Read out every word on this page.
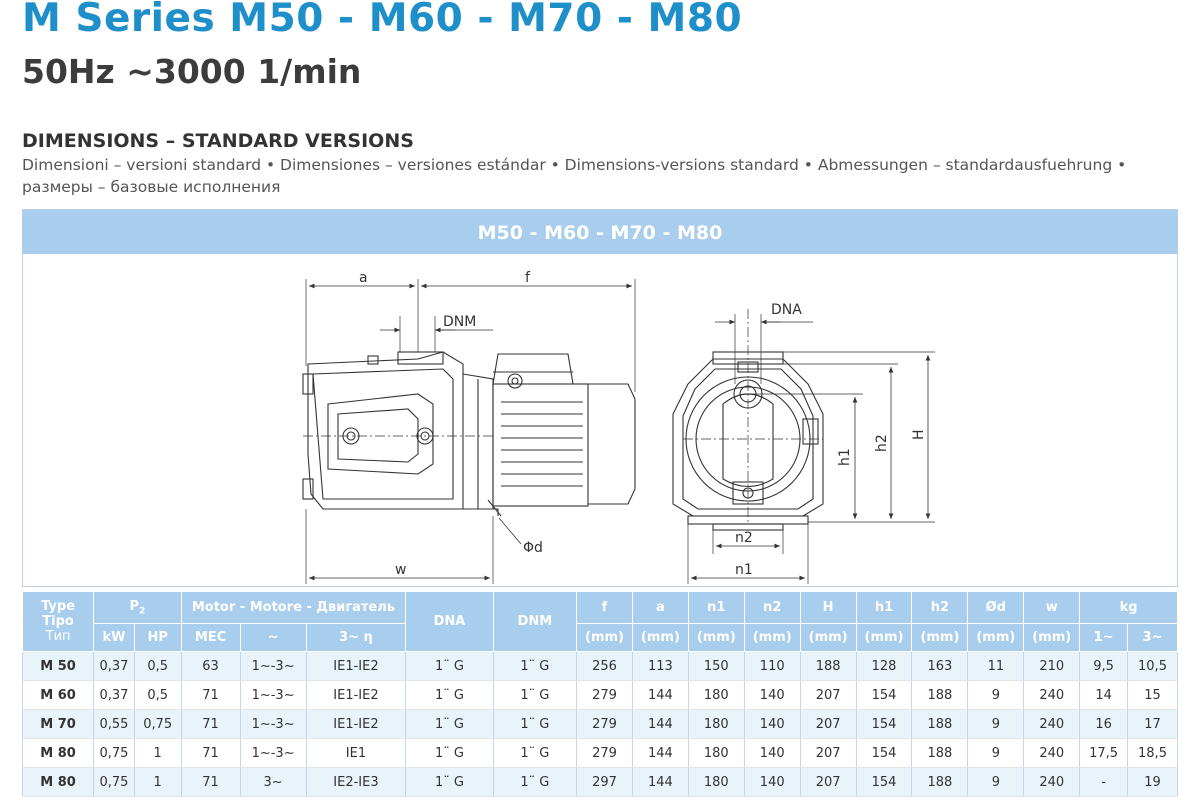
M Series M50 - M60 - M70 - M80
50Hz ~3000 1/min
DIMENSIONS – STANDARD VERSIONS
Dimensioni – versioni standard • Dimensiones – versiones estándar • Dimensions-versions standard • Abmessungen – standardausfuehrung • размеры – базовые исполнения
M50 - M60 - M70 - M80
a	f
DNM
Φd
w
DNA
n2
n1
h1
h2 H
Type
Tipo
Тип	$P_2$		Motor - Motore - Двигатель			DNA	DNM	f	a	n1	n2	H	h1	h2	Ød	w	kg	
	kW	HP	MEC	~	3~ η			(mm)	(mm)	(mm)	(mm)	(mm)	(mm)	(mm)	(mm)	(mm)	1~	3~
M 50	0,37	0,5	63	1~-3~	IE1-IE2	1¨ G	1¨ G	256	113	150	110	188	128	163	11	210	9,5	10,5
M 60	0,37	0,5	71	1~-3~	IE1-IE2	1¨ G	1¨ G	279	144	180	140	207	154	188	9	240	14	15
M 70	0,55	0,75	71	1~-3~	IE1-IE2	1¨ G	1¨ G	279	144	180	140	207	154	188	9	240	16	17
M 80	0,75	1	71	1~-3~	IE1	1¨ G	1¨ G	279	144	180	140	207	154	188	9	240	17,5	18,5
M 80	0,75	1	71	3~	IE2-IE3	1¨ G	1¨ G	297	144	180	140	207	154	188	9	240	-	19
